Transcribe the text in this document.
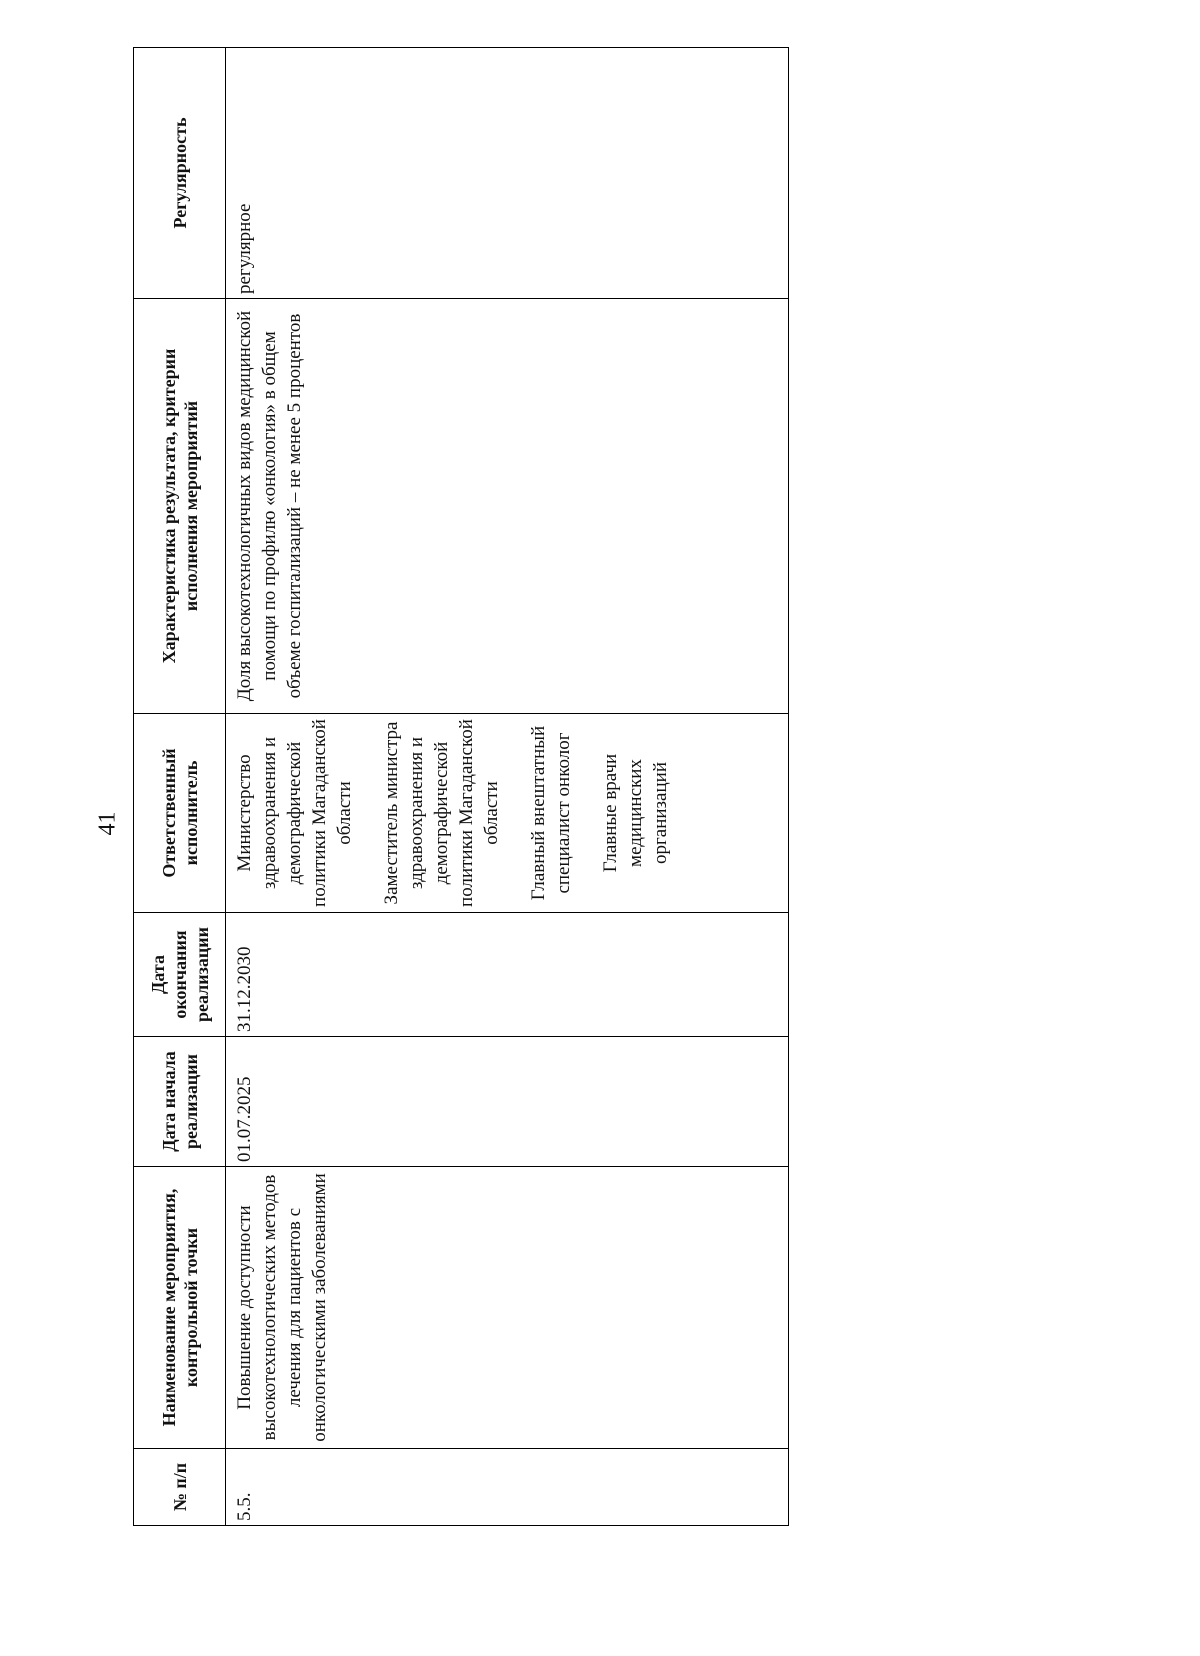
41
№ п/п	Наименование мероприятия, контрольной точки	Дата начала реализации	Дата окончания реализации	Ответственный исполнитель	Характеристика результата, критерии исполнения мероприятий	Регулярность
5.5.	Повышение доступности высокотехнологических методов лечения для пациентов с онкологическими заболеваниями	01.07.2025	31.12.2030	Министерство здравоохранения и демографической политики Магаданской области Заместитель министра здравоохранения и демографической политики Магаданской области Главный внештатный специалист онколог Главные врачи медицинских организаций	Доля высокотехнологичных видов медицинской помощи по профилю «онкология» в общем объеме госпитализаций – не менее 5 процентов	регулярное
